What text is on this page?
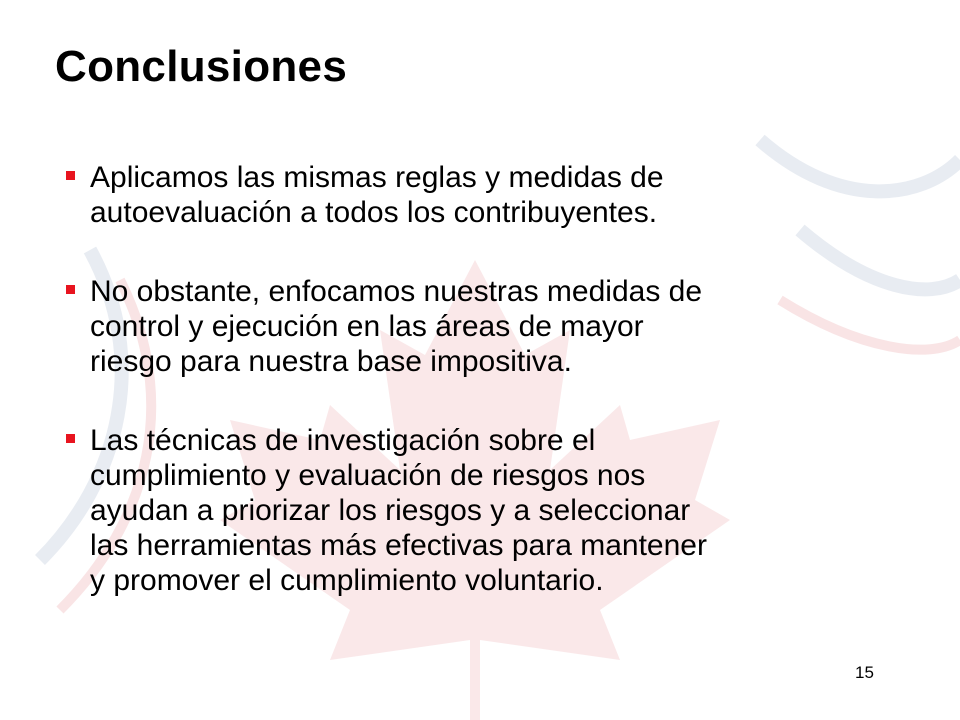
Conclusiones
Aplicamos las mismas reglas y medidas de
autoevaluación a todos los contribuyentes.
No obstante, enfocamos nuestras medidas de
control y ejecución en las áreas de mayor
riesgo para nuestra base impositiva.
Las técnicas de investigación sobre el
cumplimiento y evaluación de riesgos nos
ayudan a priorizar los riesgos y a seleccionar
las herramientas más efectivas para mantener
y promover el cumplimiento voluntario.
15
